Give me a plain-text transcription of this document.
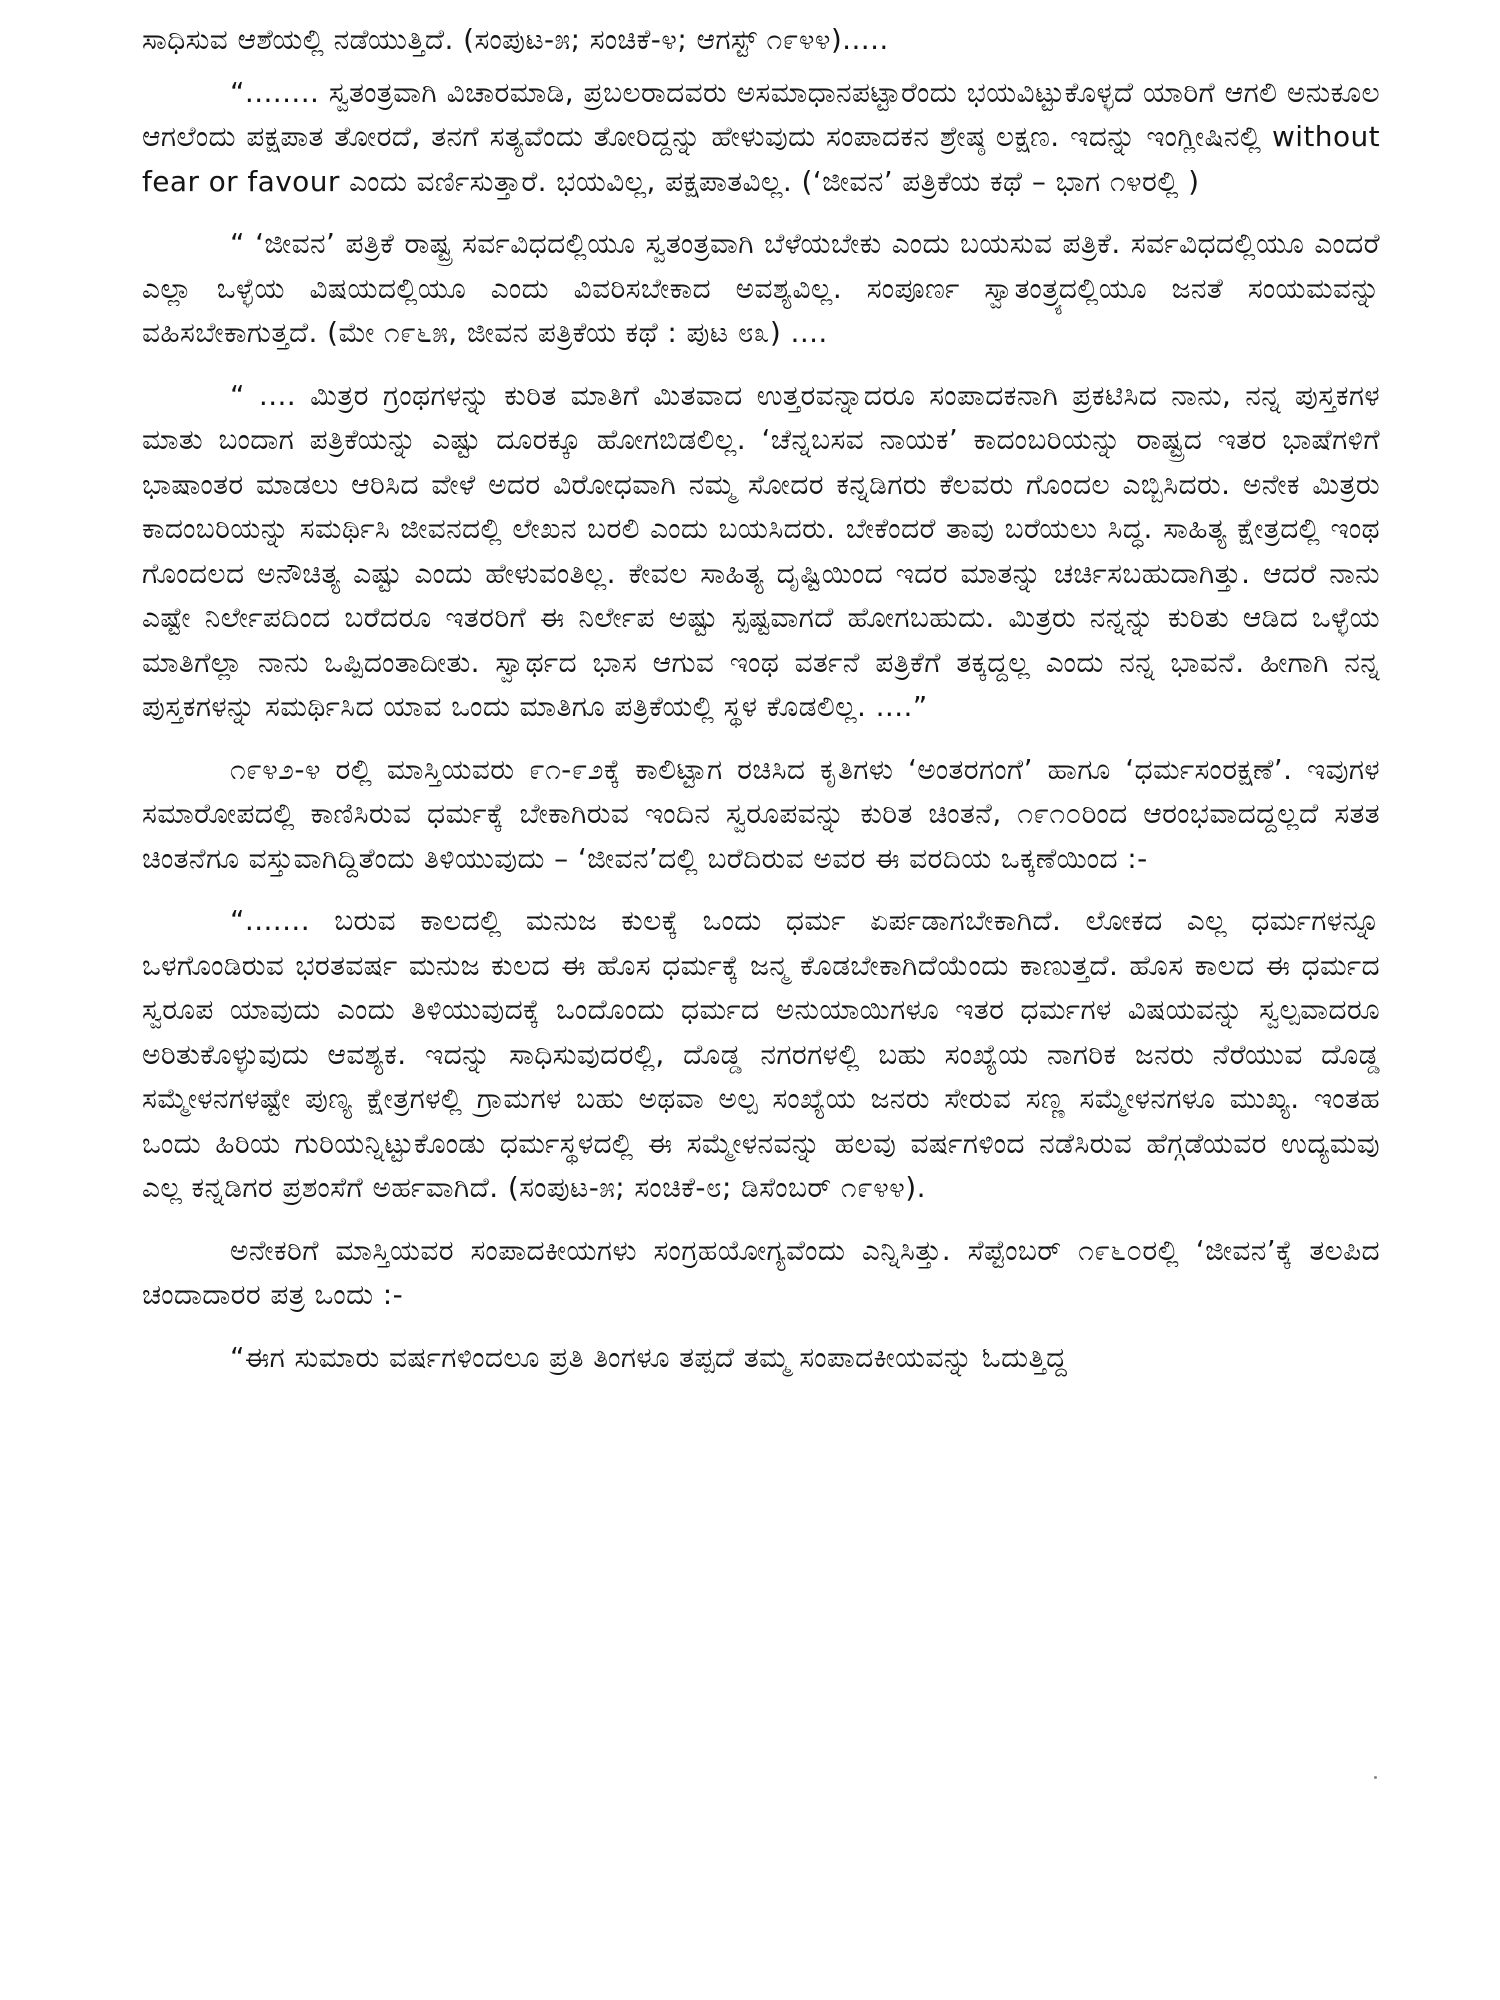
ಸಾಧಿಸುವ ಆಶೆಯಲ್ಲಿ ನಡೆಯುತ್ತಿದೆ. (ಸಂಪುಟ-೫; ಸಂಚಿಕೆ-೪; ಆಗಸ್ಟ್ ೧೯೪೪).....

“........ ಸ್ವತಂತ್ರವಾಗಿ ವಿಚಾರಮಾಡಿ, ಪ್ರಬಲರಾದವರು ಅಸಮಾಧಾನಪಟ್ಟಾರೆಂದು ಭಯವಿಟ್ಟುಕೊಳ್ಳದೆ ಯಾರಿಗೆ ಆಗಲಿ ಅನುಕೂಲ ಆಗಲೆಂದು ಪಕ್ಷಪಾತ ತೋರದೆ, ತನಗೆ ಸತ್ಯವೆಂದು ತೋರಿದ್ದನ್ನು ಹೇಳುವುದು ಸಂಪಾದಕನ ಶ್ರೇಷ್ಠ ಲಕ್ಷಣ. ಇದನ್ನು ಇಂಗ್ಲೀಷಿನಲ್ಲಿ without fear or favour ಎಂದು ವರ್ಣಿಸುತ್ತಾರೆ. ಭಯವಿಲ್ಲ, ಪಕ್ಷಪಾತವಿಲ್ಲ. (‘ಜೀವನ’ ಪತ್ರಿಕೆಯ ಕಥೆ – ಭಾಗ ೧೪ರಲ್ಲಿ )

“ ‘ಜೀವನ’ ಪತ್ರಿಕೆ ರಾಷ್ಟ್ರ ಸರ್ವವಿಧದಲ್ಲಿಯೂ ಸ್ವತಂತ್ರವಾಗಿ ಬೆಳೆಯಬೇಕು ಎಂದು ಬಯಸುವ ಪತ್ರಿಕೆ. ಸರ್ವವಿಧದಲ್ಲಿಯೂ ಎಂದರೆ ಎಲ್ಲಾ ಒಳ್ಳೆಯ ವಿಷಯದಲ್ಲಿಯೂ ಎಂದು ವಿವರಿಸಬೇಕಾದ ಅವಶ್ಯವಿಲ್ಲ. ಸಂಪೂರ್ಣ ಸ್ವಾತಂತ್ರ್ಯದಲ್ಲಿಯೂ ಜನತೆ ಸಂಯಮವನ್ನು ವಹಿಸಬೇಕಾಗುತ್ತದೆ. (ಮೇ ೧೯೬೫, ಜೀವನ ಪತ್ರಿಕೆಯ ಕಥೆ : ಪುಟ ೮೩) ....

“ .... ಮಿತ್ರರ ಗ್ರಂಥಗಳನ್ನು ಕುರಿತ ಮಾತಿಗೆ ಮಿತವಾದ ಉತ್ತರವನ್ನಾದರೂ ಸಂಪಾದಕನಾಗಿ ಪ್ರಕಟಿಸಿದ ನಾನು, ನನ್ನ ಪುಸ್ತಕಗಳ ಮಾತು ಬಂದಾಗ ಪತ್ರಿಕೆಯನ್ನು ಎಷ್ಟು ದೂರಕ್ಕೂ ಹೋಗಬಿಡಲಿಲ್ಲ. ‘ಚೆನ್ನಬಸವ ನಾಯಕ’ ಕಾದಂಬರಿಯನ್ನು ರಾಷ್ಟ್ರದ ಇತರ ಭಾಷೆಗಳಿಗೆ ಭಾಷಾಂತರ ಮಾಡಲು ಆರಿಸಿದ ವೇಳೆ ಅದರ ವಿರೋಧವಾಗಿ ನಮ್ಮ ಸೋದರ ಕನ್ನಡಿಗರು ಕೆಲವರು ಗೊಂದಲ ಎಬ್ಬಿಸಿದರು. ಅನೇಕ ಮಿತ್ರರು ಕಾದಂಬರಿಯನ್ನು ಸಮರ್ಥಿಸಿ ಜೀವನದಲ್ಲಿ ಲೇಖನ ಬರಲಿ ಎಂದು ಬಯಸಿದರು. ಬೇಕೆಂದರೆ ತಾವು ಬರೆಯಲು ಸಿದ್ಧ. ಸಾಹಿತ್ಯ ಕ್ಷೇತ್ರದಲ್ಲಿ ಇಂಥ ಗೊಂದಲದ ಅನೌಚಿತ್ಯ ಎಷ್ಟು ಎಂದು ಹೇಳುವಂತಿಲ್ಲ. ಕೇವಲ ಸಾಹಿತ್ಯ ದೃಷ್ಟಿಯಿಂದ ಇದರ ಮಾತನ್ನು ಚರ್ಚಿಸಬಹುದಾಗಿತ್ತು. ಆದರೆ ನಾನು ಎಷ್ಟೇ ನಿರ್ಲೇಪದಿಂದ ಬರೆದರೂ ಇತರರಿಗೆ ಈ ನಿರ್ಲೇಪ ಅಷ್ಟು ಸ್ಪಷ್ಟವಾಗದೆ ಹೋಗಬಹುದು. ಮಿತ್ರರು ನನ್ನನ್ನು ಕುರಿತು ಆಡಿದ ಒಳ್ಳೆಯ ಮಾತಿಗೆಲ್ಲಾ ನಾನು ಒಪ್ಪಿದಂತಾದೀತು. ಸ್ವಾರ್ಥದ ಭಾಸ ಆಗುವ ಇಂಥ ವರ್ತನೆ ಪತ್ರಿಕೆಗೆ ತಕ್ಕದ್ದಲ್ಲ ಎಂದು ನನ್ನ ಭಾವನೆ. ಹೀಗಾಗಿ ನನ್ನ ಪುಸ್ತಕಗಳನ್ನು ಸಮರ್ಥಿಸಿದ ಯಾವ ಒಂದು ಮಾತಿಗೂ ಪತ್ರಿಕೆಯಲ್ಲಿ ಸ್ಥಳ ಕೊಡಲಿಲ್ಲ. ....”

೧೯೪೨-೪ ರಲ್ಲಿ ಮಾಸ್ತಿಯವರು ೯೧-೯೨ಕ್ಕೆ ಕಾಲಿಟ್ಟಾಗ ರಚಿಸಿದ ಕೃತಿಗಳು ‘ಅಂತರಗಂಗೆ’ ಹಾಗೂ ‘ಧರ್ಮಸಂರಕ್ಷಣೆ’. ಇವುಗಳ ಸಮಾರೋಪದಲ್ಲಿ ಕಾಣಿಸಿರುವ ಧರ್ಮಕ್ಕೆ ಬೇಕಾಗಿರುವ ಇಂದಿನ ಸ್ವರೂಪವನ್ನು ಕುರಿತ ಚಿಂತನೆ, ೧೯೧೦ರಿಂದ ಆರಂಭವಾದದ್ದಲ್ಲದೆ ಸತತ ಚಿಂತನೆಗೂ ವಸ್ತುವಾಗಿದ್ದಿತೆಂದು ತಿಳಿಯುವುದು – ‘ಜೀವನ’ದಲ್ಲಿ ಬರೆದಿರುವ ಅವರ ಈ ವರದಿಯ ಒಕ್ಕಣೆಯಿಂದ :-

“....... ಬರುವ ಕಾಲದಲ್ಲಿ ಮನುಜ ಕುಲಕ್ಕೆ ಒಂದು ಧರ್ಮ ಏರ್ಪಡಾಗಬೇಕಾಗಿದೆ. ಲೋಕದ ಎಲ್ಲ ಧರ್ಮಗಳನ್ನೂ ಒಳಗೊಂಡಿರುವ ಭರತವರ್ಷ ಮನುಜ ಕುಲದ ಈ ಹೊಸ ಧರ್ಮಕ್ಕೆ ಜನ್ಮ ಕೊಡಬೇಕಾಗಿದೆಯೆಂದು ಕಾಣುತ್ತದೆ. ಹೊಸ ಕಾಲದ ಈ ಧರ್ಮದ ಸ್ವರೂಪ ಯಾವುದು ಎಂದು ತಿಳಿಯುವುದಕ್ಕೆ ಒಂದೊಂದು ಧರ್ಮದ ಅನುಯಾಯಿಗಳೂ ಇತರ ಧರ್ಮಗಳ ವಿಷಯವನ್ನು ಸ್ವಲ್ಪವಾದರೂ ಅರಿತುಕೊಳ್ಳುವುದು ಆವಶ್ಯಕ. ಇದನ್ನು ಸಾಧಿಸುವುದರಲ್ಲಿ, ದೊಡ್ಡ ನಗರಗಳಲ್ಲಿ ಬಹು ಸಂಖ್ಯೆಯ ನಾಗರಿಕ ಜನರು ನೆರೆಯುವ ದೊಡ್ಡ ಸಮ್ಮೇಳನಗಳಷ್ಟೇ ಪುಣ್ಯ ಕ್ಷೇತ್ರಗಳಲ್ಲಿ ಗ್ರಾಮಗಳ ಬಹು ಅಥವಾ ಅಲ್ಪ ಸಂಖ್ಯೆಯ ಜನರು ಸೇರುವ ಸಣ್ಣ ಸಮ್ಮೇಳನಗಳೂ ಮುಖ್ಯ. ಇಂತಹ ಒಂದು ಹಿರಿಯ ಗುರಿಯನ್ನಿಟ್ಟುಕೊಂಡು ಧರ್ಮಸ್ಥಳದಲ್ಲಿ ಈ ಸಮ್ಮೇಳನವನ್ನು ಹಲವು ವರ್ಷಗಳಿಂದ ನಡೆಸಿರುವ ಹೆಗ್ಗಡೆಯವರ ಉದ್ಯಮವು ಎಲ್ಲ ಕನ್ನಡಿಗರ ಪ್ರಶಂಸೆಗೆ ಅರ್ಹವಾಗಿದೆ. (ಸಂಪುಟ-೫; ಸಂಚಿಕೆ-೮; ಡಿಸೆಂಬರ್ ೧೯೪೪).

ಅನೇಕರಿಗೆ ಮಾಸ್ತಿಯವರ ಸಂಪಾದಕೀಯಗಳು ಸಂಗ್ರಹಯೋಗ್ಯವೆಂದು ಎನ್ನಿಸಿತ್ತು. ಸೆಪ್ಟೆಂಬರ್ ೧೯೬೦ರಲ್ಲಿ ‘ಜೀವನ’ಕ್ಕೆ ತಲಪಿದ ಚಂದಾದಾರರ ಪತ್ರ ಒಂದು :-

“ಈಗ ಸುಮಾರು ವರ್ಷಗಳಿಂದಲೂ ಪ್ರತಿ ತಿಂಗಳೂ ತಪ್ಪದೆ ತಮ್ಮ ಸಂಪಾದಕೀಯವನ್ನು ಓದುತ್ತಿದ್ದ
